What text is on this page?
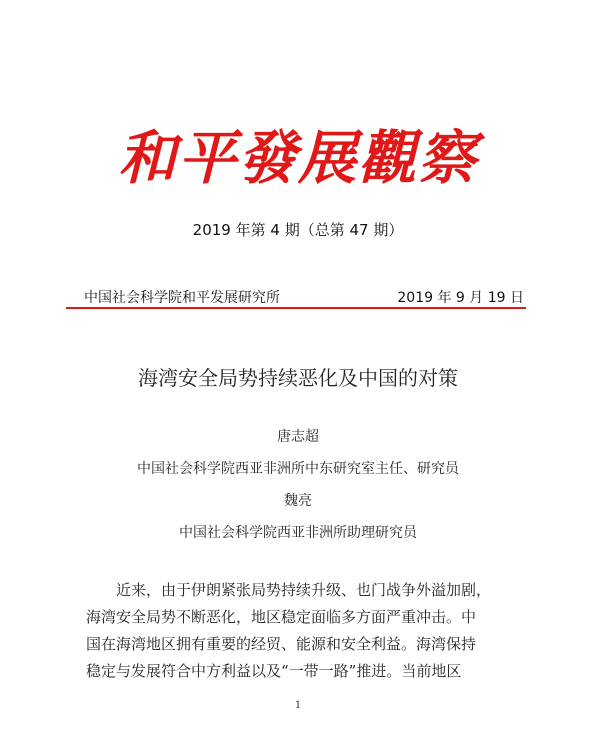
和平發展觀察
2019 年第 4 期（总第 47 期）
中国社会科学院和平发展研究所	2019 年 9 月 19 日
海湾安全局势持续恶化及中国的对策
唐志超
中国社会科学院西亚非洲所中东研究室主任、研究员
魏亮
中国社会科学院西亚非洲所助理研究员
　　近来，由于伊朗紧张局势持续升级、也门战争外溢加剧，
海湾安全局势不断恶化，地区稳定面临多方面严重冲击。中
国在海湾地区拥有重要的经贸、能源和安全利益。海湾保持
稳定与发展符合中方利益以及“一带一路”推进。当前地区
1
